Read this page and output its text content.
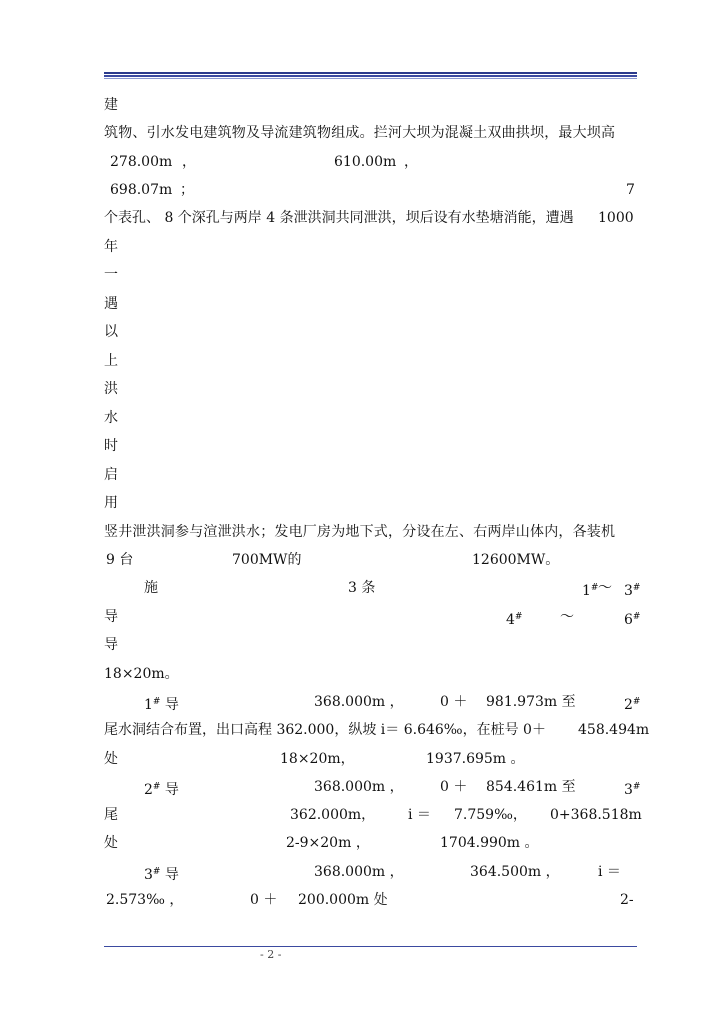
建
筑物、引水发电建筑物及导流建筑物组成。拦河大坝为混凝土双曲拱坝，最大坝高
278.00m ，	610.00m ，
698.07m ；	7
个表孔、 8 个深孔与两岸 4 条泄洪洞共同泄洪，坝后设有水垫塘消能，遭遇 1000
年
一
遇
以
上
洪
水
时
启
用
竖井泄洪洞参与渲泄洪水；发电厂房为地下式，分设在左、右两岸山体内，各装机
9 台	700MW的	12600MW。
施	3 条	1# ～ 3#
导	4#	～	6#
导
18×20m。
1# 导	368.000m ，	0 ＋ 981.973m 至	2#
尾水洞结合布置，出口高程 362.000，纵坡 i＝ 6.646‰，在桩号 0＋ 458.494m
处	18×20m，	1937.695m 。
2# 导	368.000m ，	0 ＋ 854.461m 至	3#
尾	362.000m， i ＝ 7.759‰， 0+368.518m
处	2-9×20m ，	1704.990m 。
3# 导	368.000m ，	364.500m ，	i ＝
2.573‰ ，	0 ＋ 200.000m 处	2-
- 2 -
